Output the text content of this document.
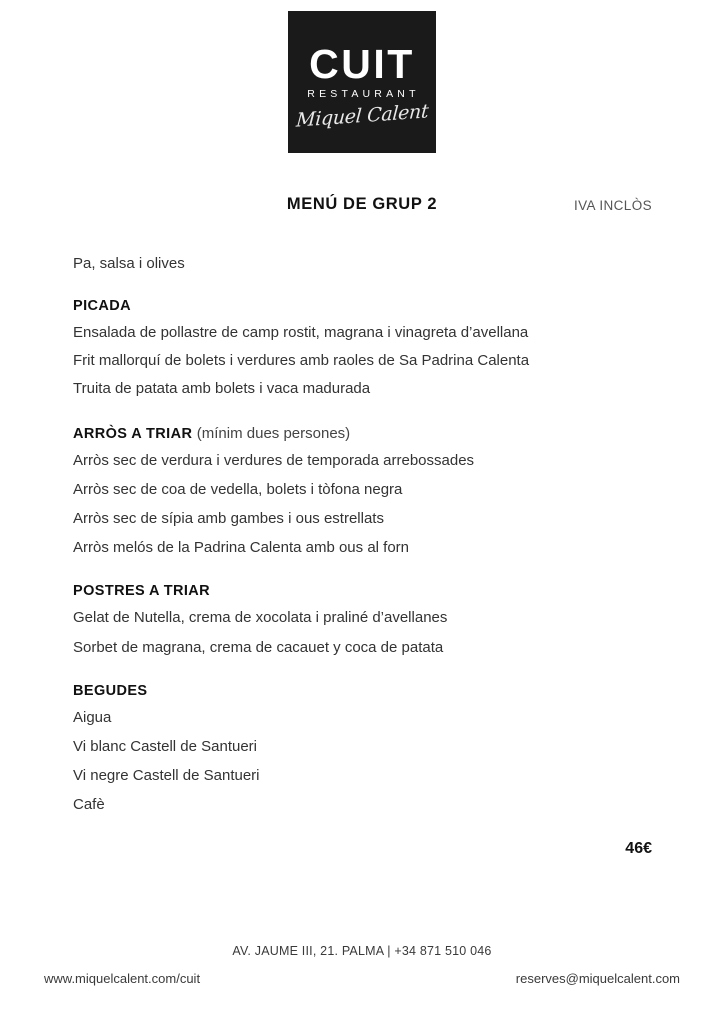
CUIT
RESTAURANT
Miquel Calent
MENÚ DE GRUP 2	IVA INCLÒS
Pa, salsa i olives
PICADA
Ensalada de pollastre de camp rostit, magrana i vinagreta d’avellana
Frit mallorquí de bolets i verdures amb raoles de Sa Padrina Calenta
Truita de patata amb bolets i vaca madurada
ARRÒS A TRIAR (mínim dues persones)
Arròs sec de verdura i verdures de temporada arrebossades
Arròs sec de coa de vedella, bolets i tòfona negra
Arròs sec de sípia amb gambes i ous estrellats
Arròs melós de la Padrina Calenta amb ous al forn
POSTRES A TRIAR
Gelat de Nutella, crema de xocolata i praliné d’avellanes
Sorbet de magrana, crema de cacauet y coca de patata
BEGUDES
Aigua
Vi blanc Castell de Santueri
Vi negre Castell de Santueri
Cafè
46€
AV. JAUME III, 21. PALMA | +34 871 510 046
www.miquelcalent.com/cuit	reserves@miquelcalent.com
